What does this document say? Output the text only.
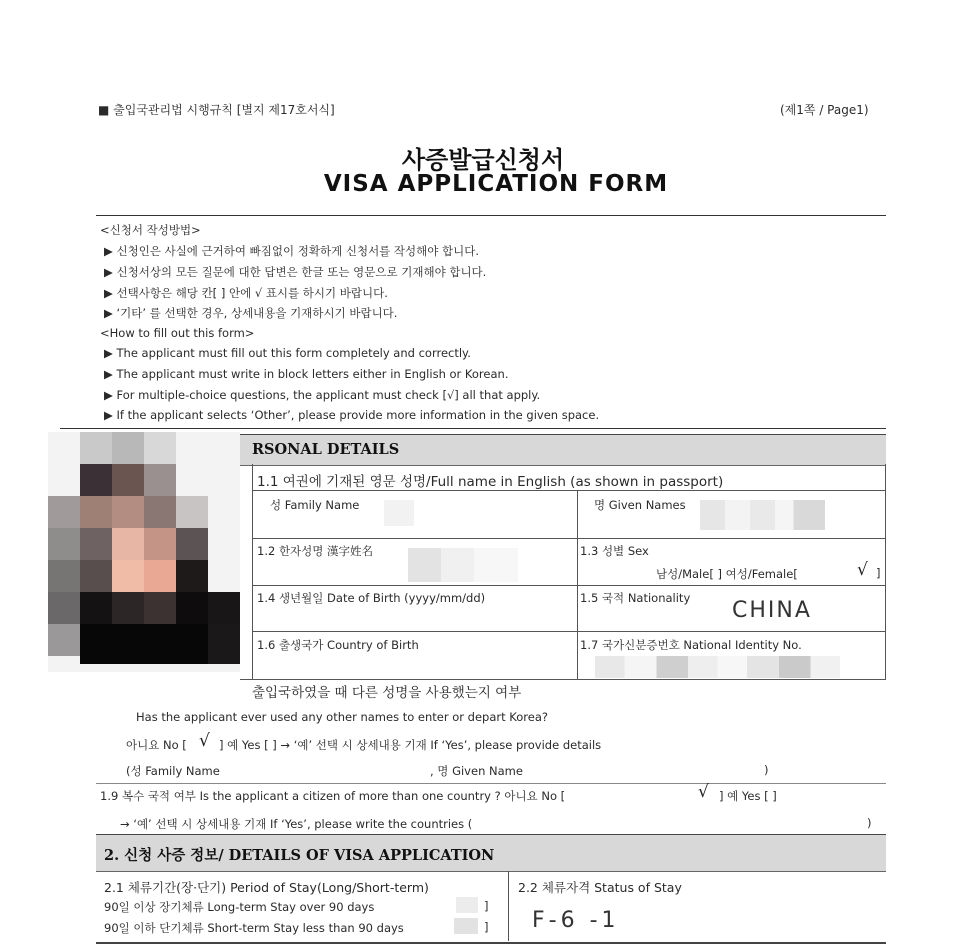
■ 출입국관리법 시행규칙 [별지 제17호서식]	(제1쪽 / Page1)
사증발급신청서
VISA APPLICATION FORM
<신청서 작성방법>
▶ 신청인은 사실에 근거하여 빠짐없이 정확하게 신청서를 작성해야 합니다.
▶ 신청서상의 모든 질문에 대한 답변은 한글 또는 영문으로 기재해야 합니다.
▶ 선택사항은 해당 칸[ ] 안에 √ 표시를 하시기 바랍니다.
▶ ‘기타’ 를 선택한 경우, 상세내용을 기재하시기 바랍니다.
<How to fill out this form>
▶ The applicant must fill out this form completely and correctly.
▶ The applicant must write in block letters either in English or Korean.
▶ For multiple-choice questions, the applicant must check [√] all that apply.
▶ If the applicant selects ‘Other’, please provide more information in the given space.
RSONAL DETAILS
1.1 여권에 기재된 영문 성명/Full name in English (as shown in passport)
성 Family Name	명 Given Names
1.2 한자성명 漢字姓名	1.3 성별 Sex
남성/Male[ ] 여성/Female[	√ ]
1.4 생년월일 Date of Birth (yyyy/mm/dd)	1.5 국적 Nationality CHINA
1.6 출생국가 Country of Birth	1.7 국가신분증번호 National Identity No.
출입국하였을 때 다른 성명을 사용했는지 여부
Has the applicant ever used any other names to enter or depart Korea?
아니요 No [ √ ] 예 Yes [ ] → ‘예’ 선택 시 상세내용 기재 If ‘Yes’, please provide details
(성 Family Name	, 명 Given Name	)
1.9 복수 국적 여부 Is the applicant a citizen of more than one country ? 아니요 No [	√ ] 예 Yes [ ]
→ ‘예’ 선택 시 상세내용 기재 If ‘Yes’, please write the countries (	)
2. 신청 사증 정보/ DETAILS OF VISA APPLICATION
2.1 체류기간(장·단기) Period of Stay(Long/Short-term)
90일 이상 장기체류 Long-term Stay over 90 days	]
90일 이하 단기체류 Short-term Stay less than 90 days	]
2.2 체류자격 Status of Stay
F-6 -1
